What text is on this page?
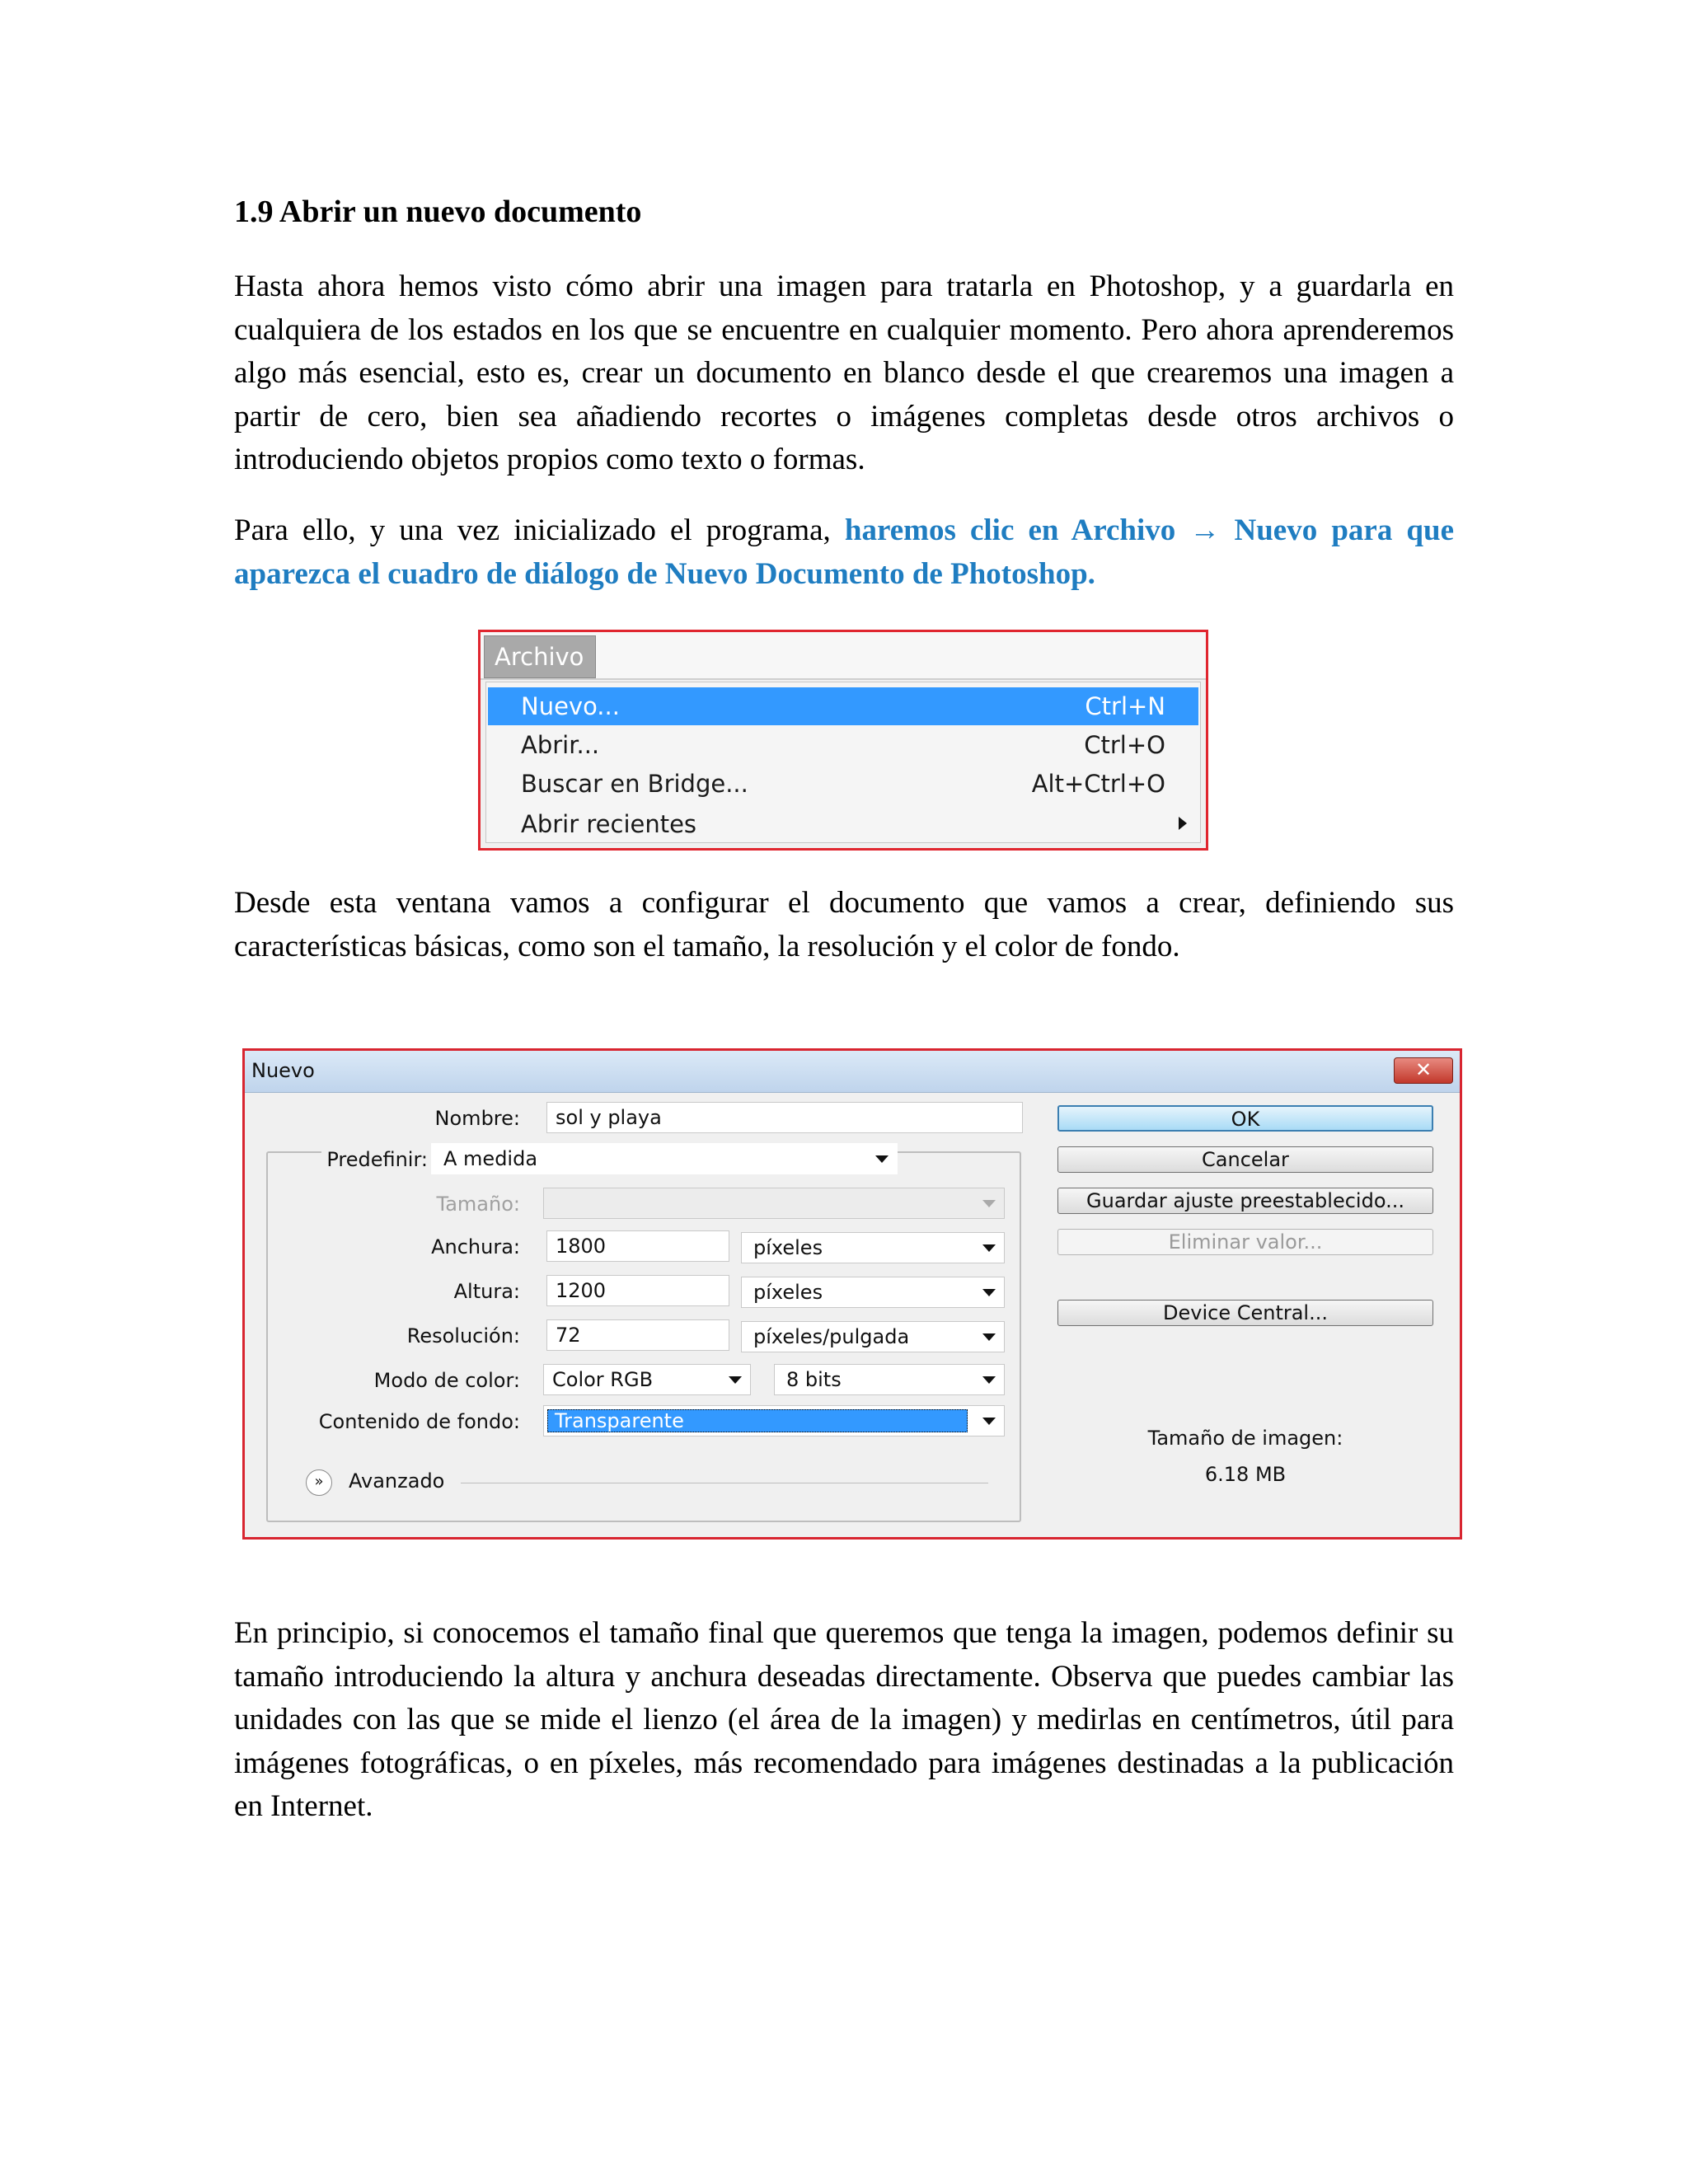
1.9 Abrir un nuevo documento

Hasta ahora hemos visto cómo abrir una imagen para tratarla en Photoshop, y a guardarla en cualquiera de los estados en los que se encuentre en cualquier momento. Pero ahora aprenderemos algo más esencial, esto es, crear un documento en blanco desde el que crearemos una imagen a partir de cero, bien sea añadiendo recortes o imágenes completas desde otros archivos o introduciendo objetos propios como texto o formas.

Para ello, y una vez inicializado el programa, haremos clic en Archivo → Nuevo para que aparezca el cuadro de diálogo de Nuevo Documento de Photoshop.

Desde esta ventana vamos a configurar el documento que vamos a crear, definiendo sus características básicas, como son el tamaño, la resolución y el color de fondo.

En principio, si conocemos el tamaño final que queremos que tenga la imagen, podemos definir su tamaño introduciendo la altura y anchura deseadas directamente. Observa que puedes cambiar las unidades con las que se mide el lienzo (el área de la imagen) y medirlas en centímetros, útil para imágenes fotográficas, o en píxeles, más recomendado para imágenes destinadas a la publicación en Internet.

Archivo
Nuevo...	Ctrl+N
Abrir...	Ctrl+O
Buscar en Bridge...	Alt+Ctrl+O
Abrir recientes
Nuevo	✕
Nombre:	sol y playa
Predefinir: A medida
Tamaño:
Anchura:	1800	píxeles
Altura:	1200	píxeles
Resolución:	72	píxeles/pulgada
Modo de color:	Color RGB	8 bits
Contenido de fondo:	Transparente
»	Avanzado
OK
Cancelar
Guardar ajuste preestablecido...
Eliminar valor...
Device Central...
Tamaño de imagen:
6.18 MB
